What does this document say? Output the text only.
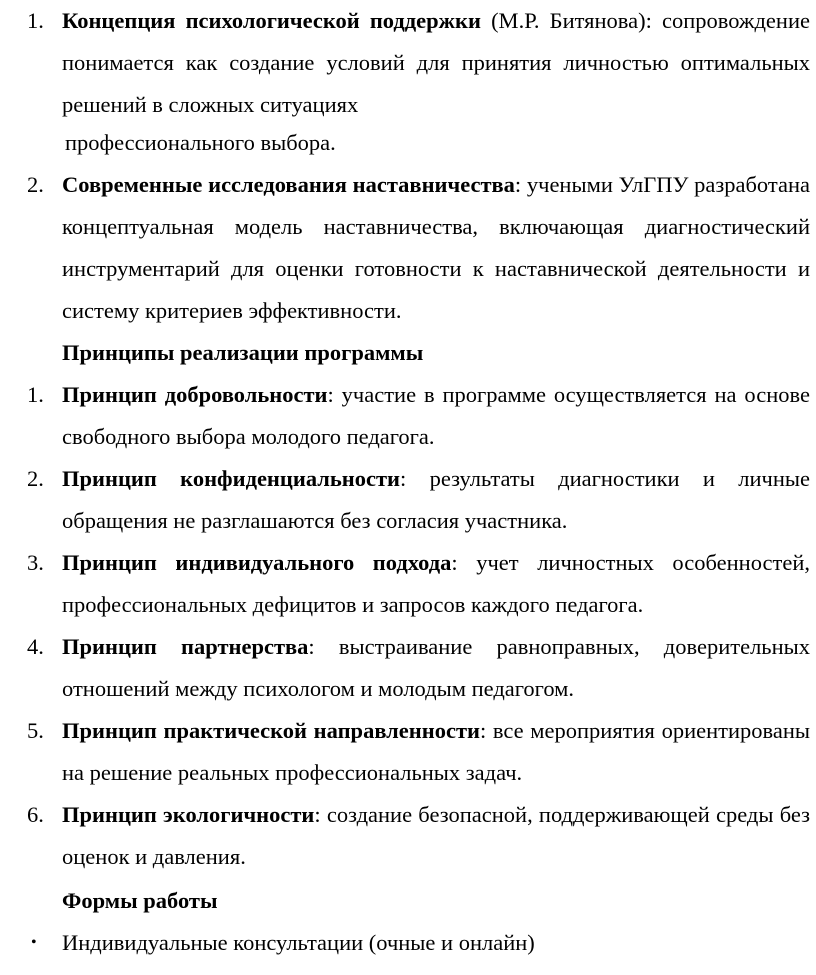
1. Концепция психологической поддержки (М.Р. Битянова): сопровождение понимается как создание условий для принятия личностью оптимальных решений в сложных ситуациях
профессионального выбора.
2. Современные исследования наставничества: учеными УлГПУ разработана концептуальная модель наставничества, включающая диагностический инструментарий для оценки готовности к наставнической деятельности и систему критериев эффективности.
Принципы реализации программы
1. Принцип добровольности: участие в программе осуществляется на основе свободного выбора молодого педагога.
2. Принцип конфиденциальности: результаты диагностики и личные обращения не разглашаются без согласия участника.
3. Принцип индивидуального подхода: учет личностных особенностей, профессиональных дефицитов и запросов каждого педагога.
4. Принцип партнерства: выстраивание равноправных, доверительных отношений между психологом и молодым педагогом.
5. Принцип практической направленности: все мероприятия ориентированы на решение реальных профессиональных задач.
6. Принцип экологичности: создание безопасной, поддерживающей среды без оценок и давления.
Формы работы
• Индивидуальные консультации (очные и онлайн)
